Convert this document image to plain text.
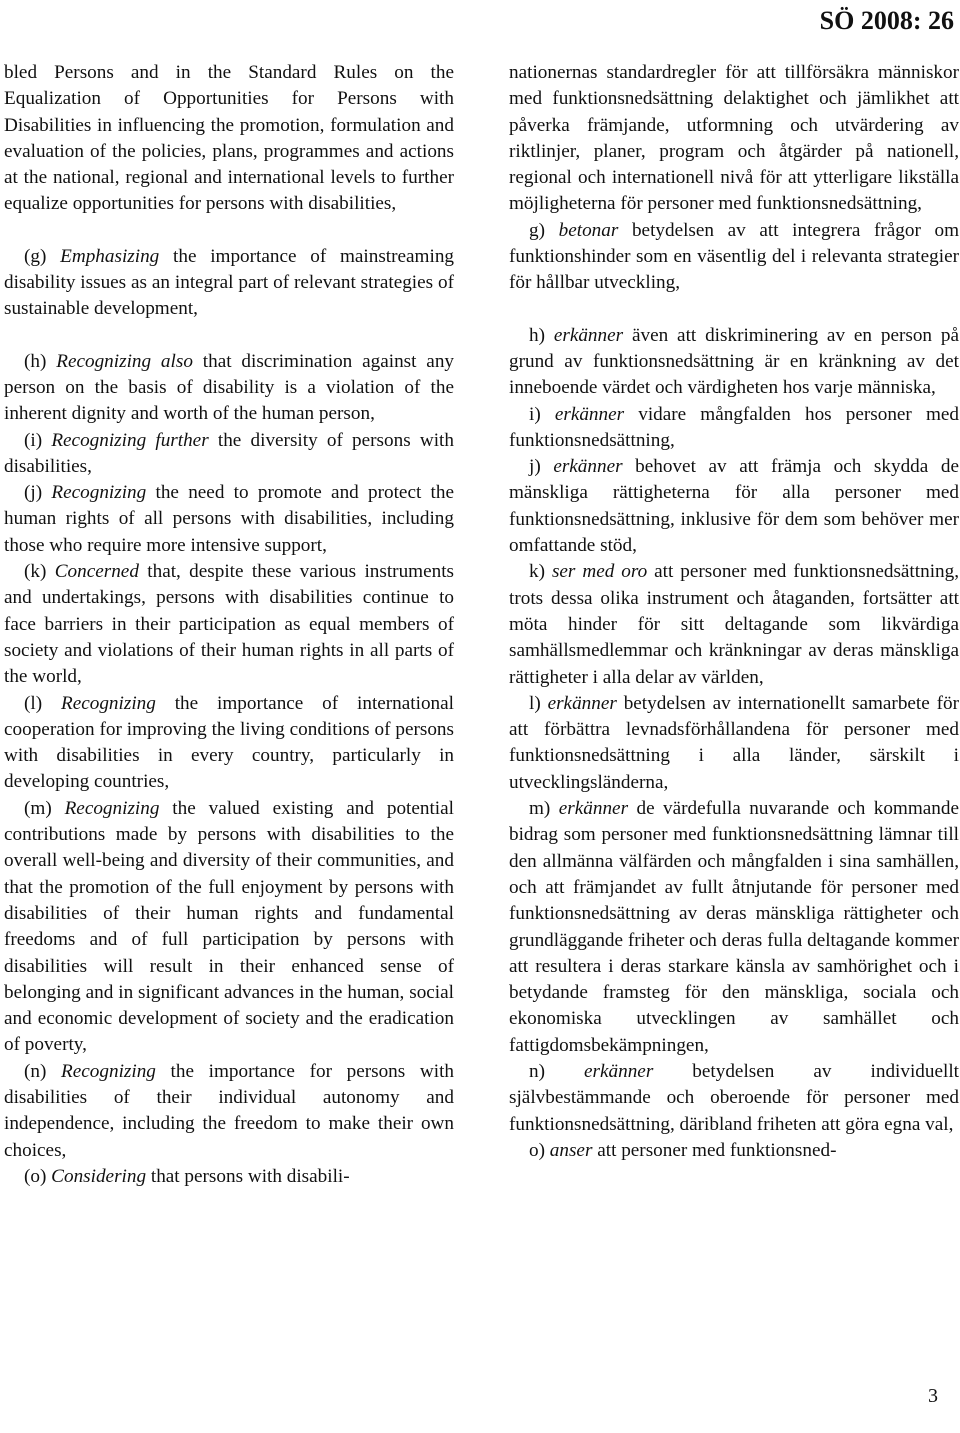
SÖ 2008: 26

bled Persons and in the Standard Rules on the Equalization of Opportunities for Persons with Disabilities in influencing the promotion, formulation and evaluation of the policies, plans, programmes and actions at the national, regional and international levels to further equalize opportunities for persons with disabilities,

(g) Emphasizing the importance of mainstreaming disability issues as an integral part of relevant strategies of sustainable development,

(h) Recognizing also that discrimination against any person on the basis of disability is a violation of the inherent dignity and worth of the human person,

(i) Recognizing further the diversity of persons with disabilities,

(j) Recognizing the need to promote and protect the human rights of all persons with disabilities, including those who require more intensive support,

(k) Concerned that, despite these various instruments and undertakings, persons with disabilities continue to face barriers in their participation as equal members of society and violations of their human rights in all parts of the world,

(l) Recognizing the importance of international cooperation for improving the living conditions of persons with disabilities in every country, particularly in developing countries,

(m) Recognizing the valued existing and potential contributions made by persons with disabilities to the overall well-being and diversity of their communities, and that the promotion of the full enjoyment by persons with disabilities of their human rights and fundamental freedoms and of full participation by persons with disabilities will result in their enhanced sense of belonging and in significant advances in the human, social and economic development of society and the eradication of poverty,

(n) Recognizing the importance for persons with disabilities of their individual autonomy and independence, including the freedom to make their own choices,

(o) Considering that persons with disabili-

nationernas standardregler för att tillförsäkra människor med funktionsnedsättning delaktighet och jämlikhet att påverka främjande, utformning och utvärdering av riktlinjer, planer, program och åtgärder på nationell, regional och internationell nivå för att ytterligare likställa möjligheterna för personer med funktionsnedsättning,

g) betonar betydelsen av att integrera frågor om funktionshinder som en väsentlig del i relevanta strategier för hållbar utveckling,

h) erkänner även att diskriminering av en person på grund av funktionsnedsättning är en kränkning av det inneboende värdet och värdigheten hos varje människa,

i) erkänner vidare mångfalden hos personer med funktionsnedsättning,

j) erkänner behovet av att främja och skydda de mänskliga rättigheterna för alla personer med funktionsnedsättning, inklusive för dem som behöver mer omfattande stöd,

k) ser med oro att personer med funktionsnedsättning, trots dessa olika instrument och åtaganden, fortsätter att möta hinder för sitt deltagande som likvärdiga samhällsmedlemmar och kränkningar av deras mänskliga rättigheter i alla delar av världen,

l) erkänner betydelsen av internationellt samarbete för att förbättra levnadsförhållandena för personer med funktionsnedsättning i alla länder, särskilt i utvecklingsländerna,

m) erkänner de värdefulla nuvarande och kommande bidrag som personer med funktionsnedsättning lämnar till den allmänna välfärden och mångfalden i sina samhällen, och att främjandet av fullt åtnjutande för personer med funktionsnedsättning av deras mänskliga rättigheter och grundläggande friheter och deras fulla deltagande kommer att resultera i deras starkare känsla av samhörighet och i betydande framsteg för den mänskliga, sociala och ekonomiska utvecklingen av samhället och fattigdomsbekämpningen,

n) erkänner betydelsen av individuellt självbestämmande och oberoende för personer med funktionsnedsättning, däribland friheten att göra egna val,

o) anser att personer med funktionsned-

3
